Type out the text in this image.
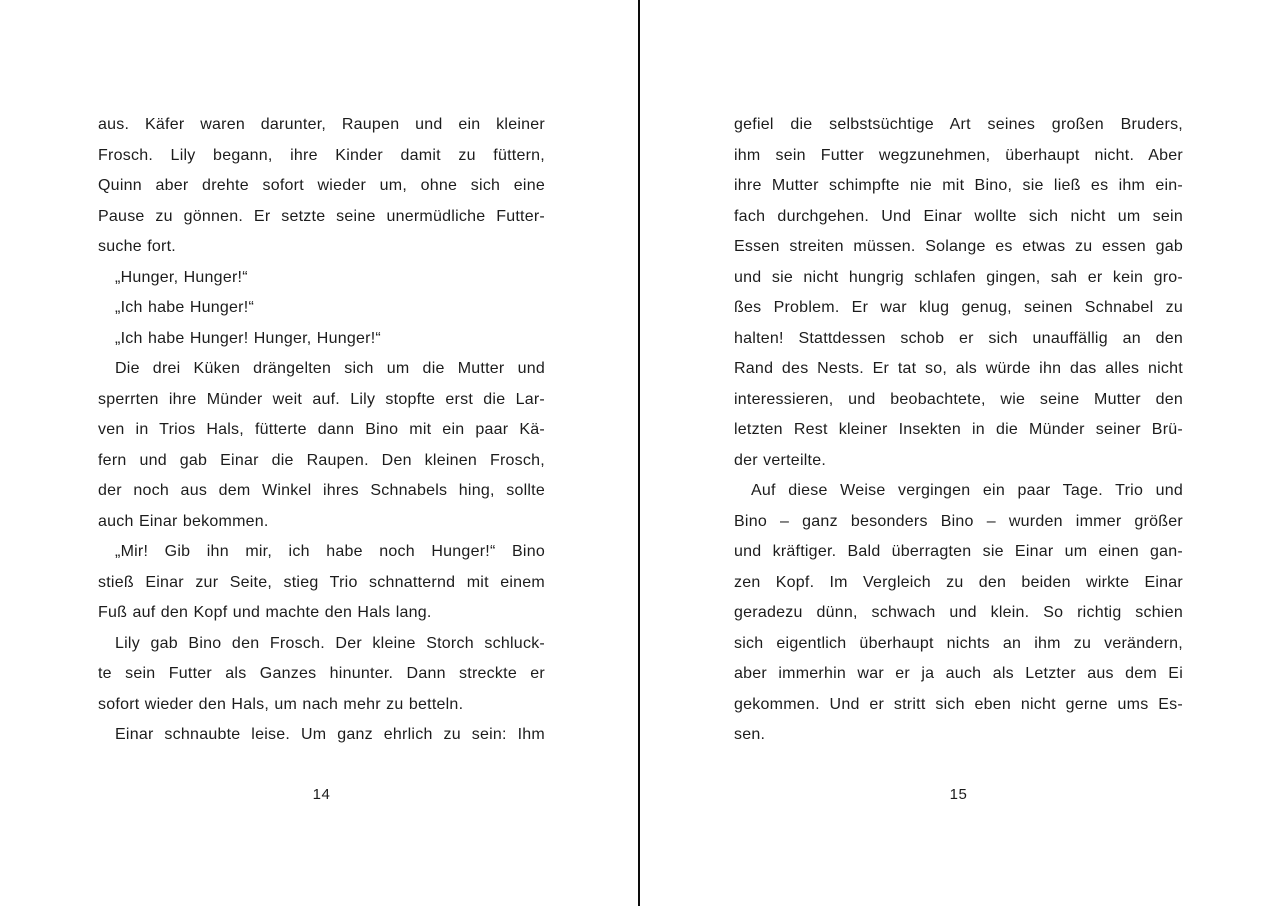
aus. Käfer waren darunter, Raupen und ein kleiner
Frosch. Lily begann, ihre Kinder damit zu füttern,
Quinn aber drehte sofort wieder um, ohne sich eine
Pause zu gönnen. Er setzte seine unermüdliche Futter-
suche fort.
„Hunger, Hunger!“
„Ich habe Hunger!“
„Ich habe Hunger! Hunger, Hunger!“
Die drei Küken drängelten sich um die Mutter und
sperrten ihre Münder weit auf. Lily stopfte erst die Lar-
ven in Trios Hals, fütterte dann Bino mit ein paar Kä-
fern und gab Einar die Raupen. Den kleinen Frosch,
der noch aus dem Winkel ihres Schnabels hing, sollte
auch Einar bekommen.
„Mir! Gib ihn mir, ich habe noch Hunger!“ Bino
stieß Einar zur Seite, stieg Trio schnatternd mit einem
Fuß auf den Kopf und machte den Hals lang.
Lily gab Bino den Frosch. Der kleine Storch schluck-
te sein Futter als Ganzes hinunter. Dann streckte er
sofort wieder den Hals, um nach mehr zu betteln.
Einar schnaubte leise. Um ganz ehrlich zu sein: Ihm
14
gefiel die selbstsüchtige Art seines großen Bruders,
ihm sein Futter wegzunehmen, überhaupt nicht. Aber
ihre Mutter schimpfte nie mit Bino, sie ließ es ihm ein-
fach durchgehen. Und Einar wollte sich nicht um sein
Essen streiten müssen. Solange es etwas zu essen gab
und sie nicht hungrig schlafen gingen, sah er kein gro-
ßes Problem. Er war klug genug, seinen Schnabel zu
halten! Stattdessen schob er sich unauffällig an den
Rand des Nests. Er tat so, als würde ihn das alles nicht
interessieren, und beobachtete, wie seine Mutter den
letzten Rest kleiner Insekten in die Münder seiner Brü-
der verteilte.
Auf diese Weise vergingen ein paar Tage. Trio und
Bino – ganz besonders Bino – wurden immer größer
und kräftiger. Bald überragten sie Einar um einen gan-
zen Kopf. Im Vergleich zu den beiden wirkte Einar
geradezu dünn, schwach und klein. So richtig schien
sich eigentlich überhaupt nichts an ihm zu verändern,
aber immerhin war er ja auch als Letzter aus dem Ei
gekommen. Und er stritt sich eben nicht gerne ums Es-
sen.
15
